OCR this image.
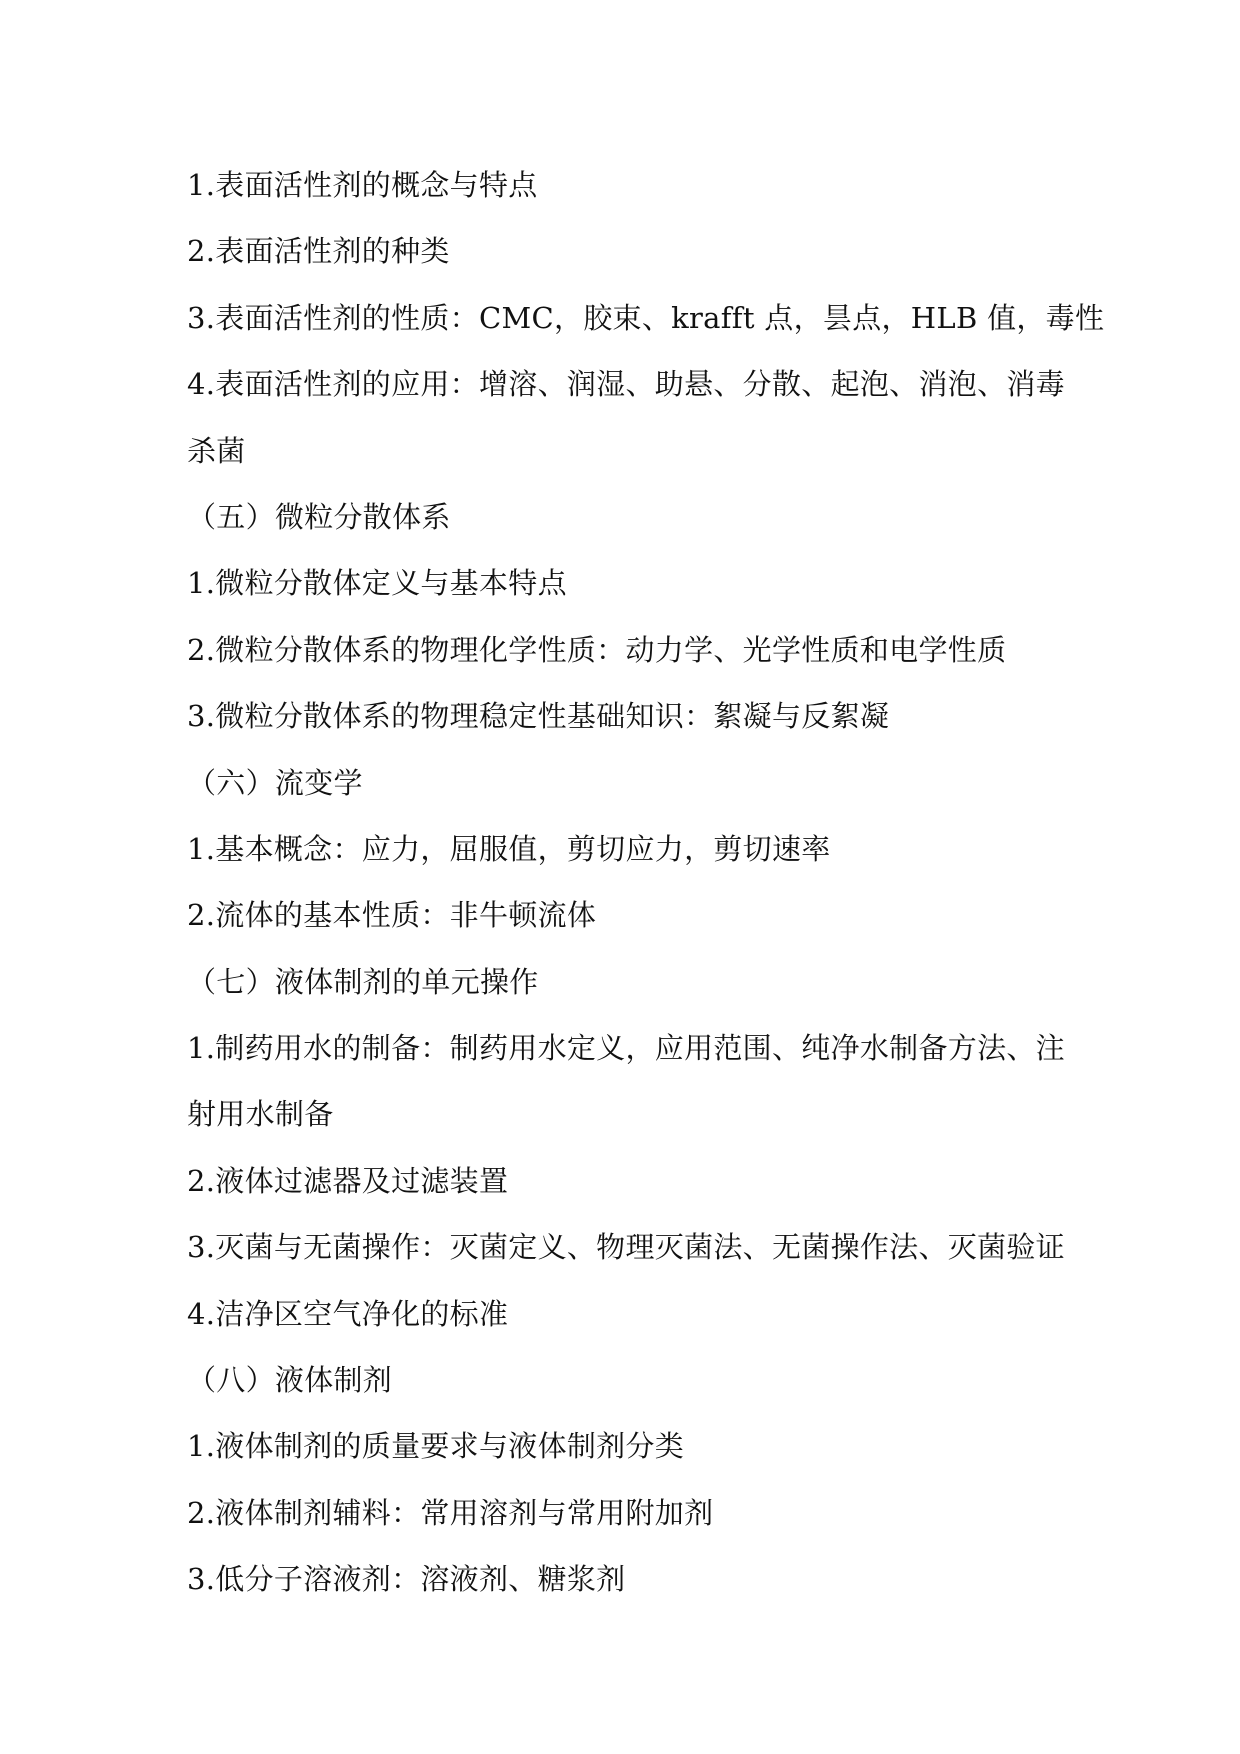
1.表面活性剂的概念与特点
2.表面活性剂的种类
3.表面活性剂的性质：CMC，胶束、krafft 点，昙点，HLB 值，毒性
4.表面活性剂的应用：增溶、润湿、助悬、分散、起泡、消泡、消毒
杀菌
（五）微粒分散体系
1.微粒分散体定义与基本特点
2.微粒分散体系的物理化学性质：动力学、光学性质和电学性质
3.微粒分散体系的物理稳定性基础知识：絮凝与反絮凝
（六）流变学
1.基本概念：应力，屈服值，剪切应力，剪切速率
2.流体的基本性质：非牛顿流体
（七）液体制剂的单元操作
1.制药用水的制备：制药用水定义，应用范围、纯净水制备方法、注
射用水制备
2.液体过滤器及过滤装置
3.灭菌与无菌操作：灭菌定义、物理灭菌法、无菌操作法、灭菌验证
4.洁净区空气净化的标准
（八）液体制剂
1.液体制剂的质量要求与液体制剂分类
2.液体制剂辅料：常用溶剂与常用附加剂
3.低分子溶液剂：溶液剂、糖浆剂
